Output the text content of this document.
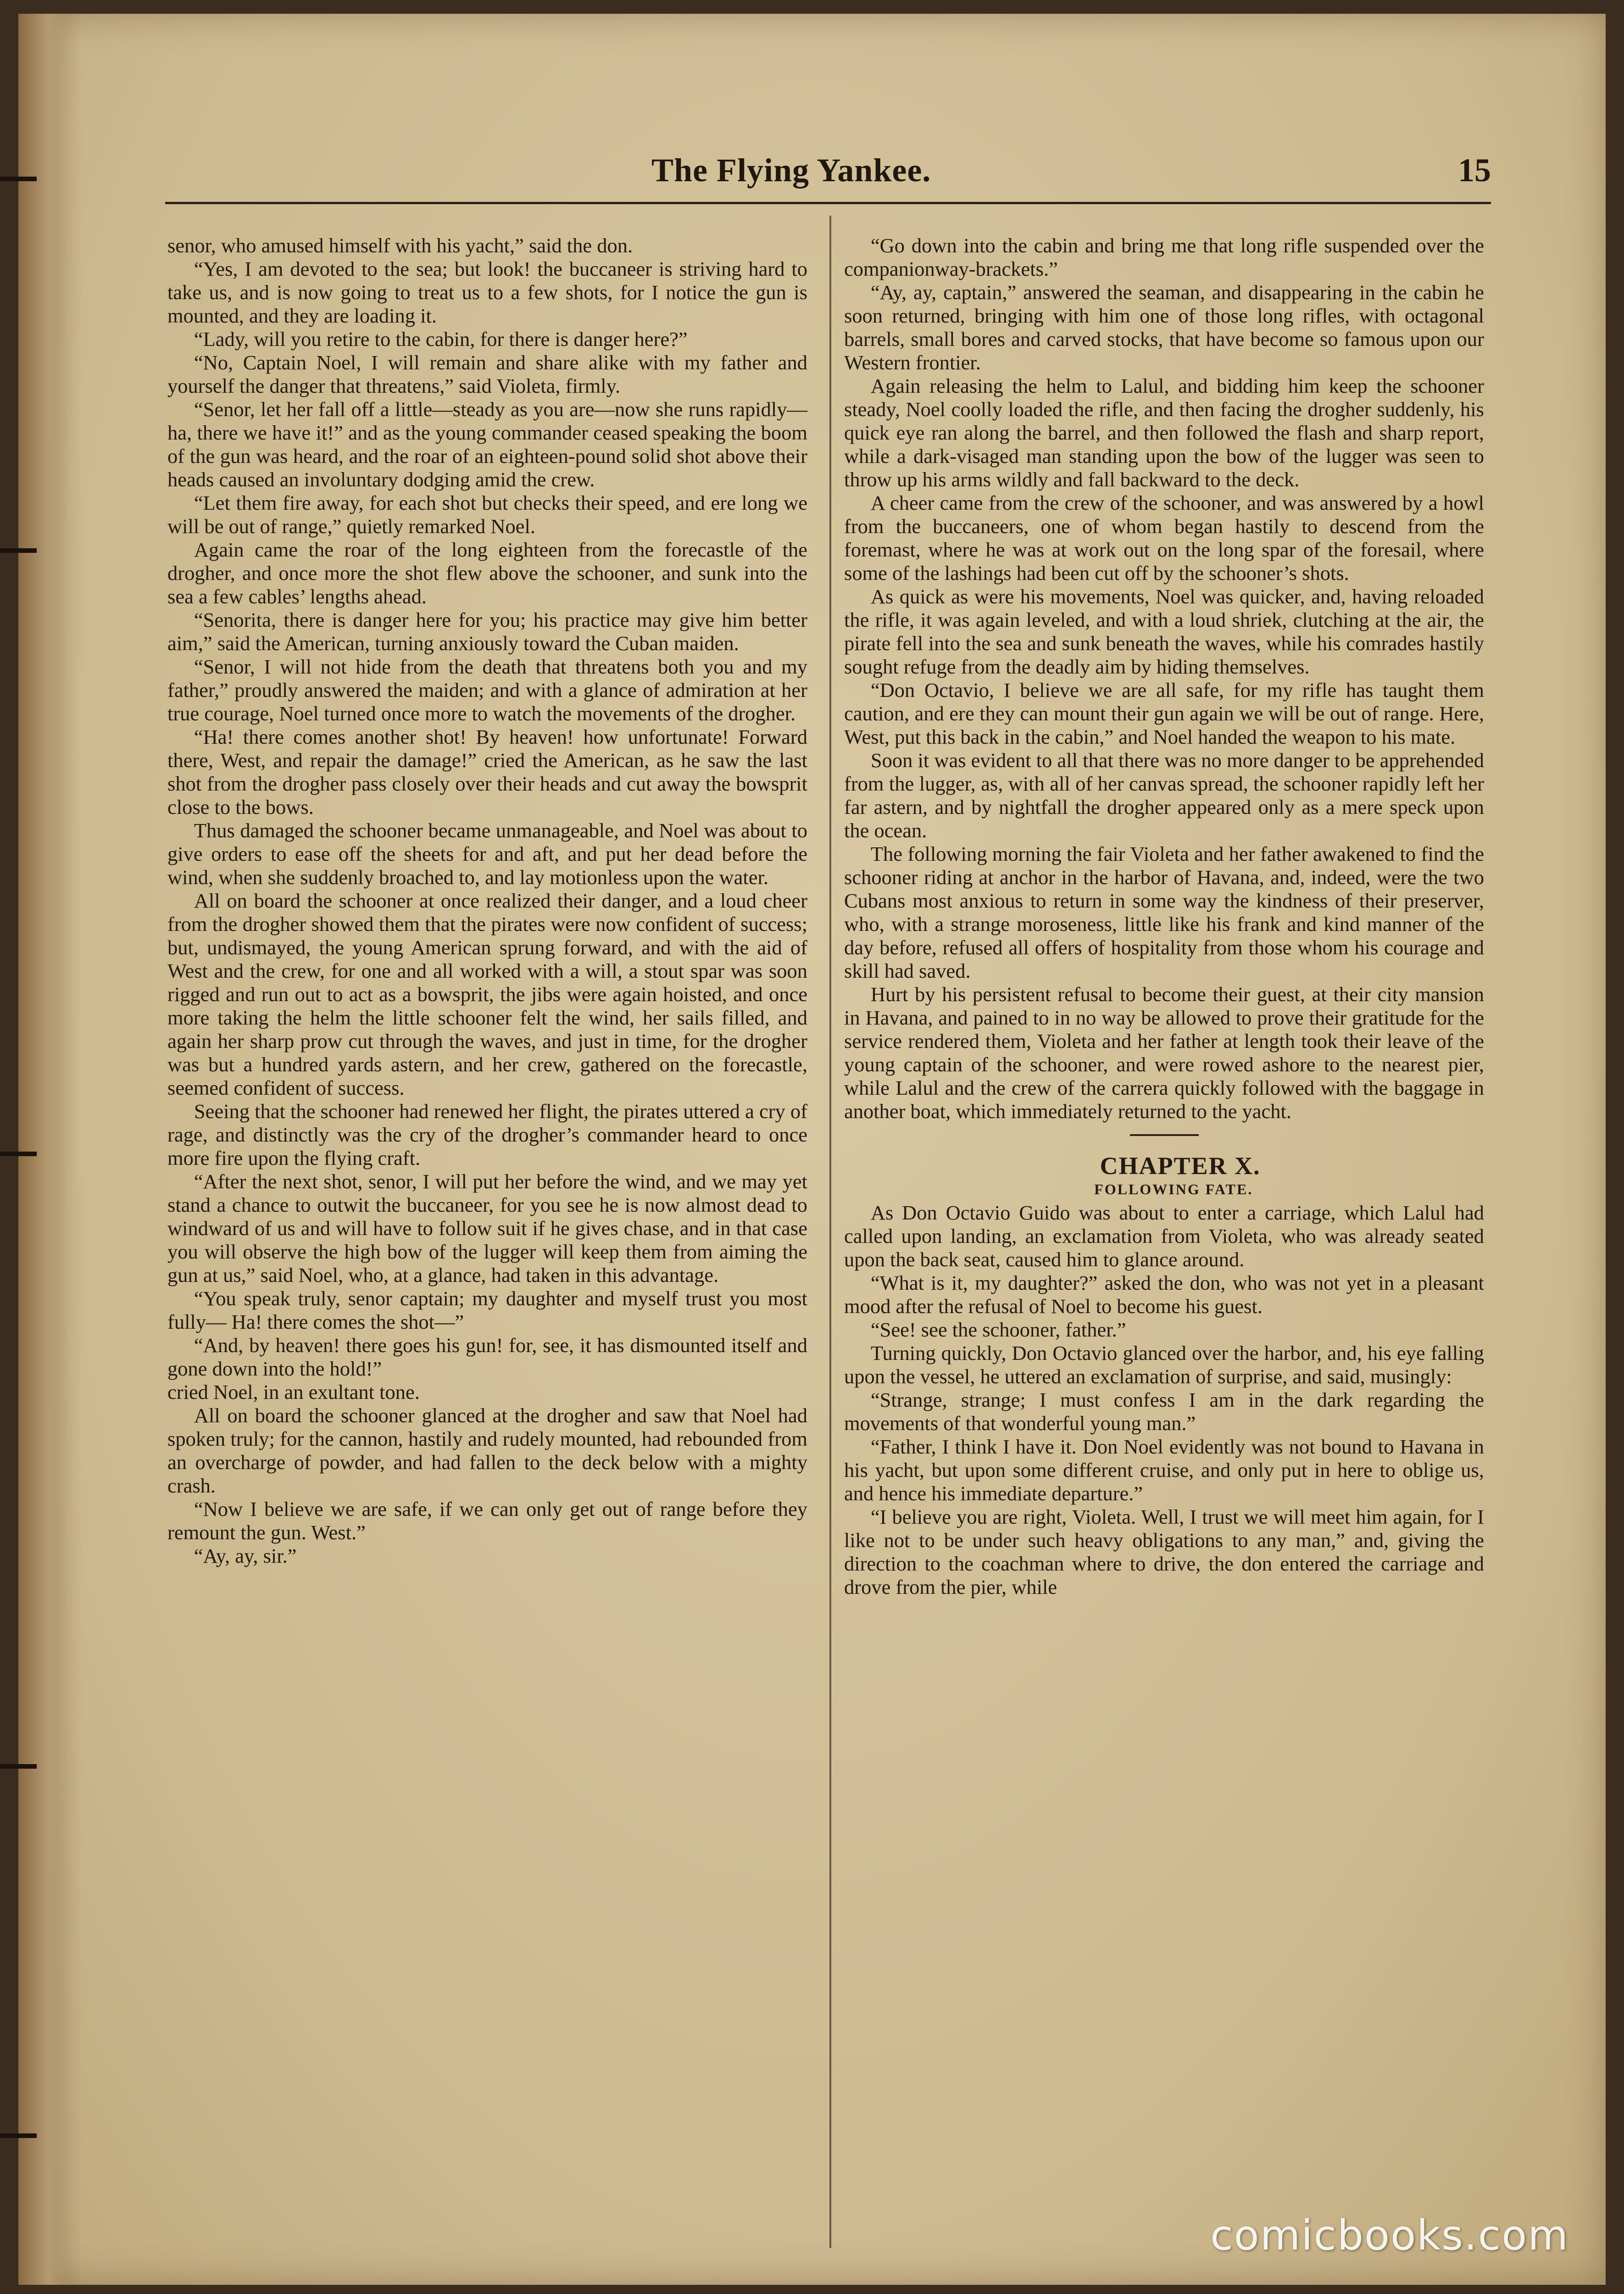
The Flying Yankee.	15

senor, who amused himself with his yacht,” said the don.

“Yes, I am devoted to the sea; but look! the buccaneer is striving hard to take us, and is now going to treat us to a few shots, for I notice the gun is mounted, and they are loading it.

“Lady, will you retire to the cabin, for there is danger here?”

“No, Captain Noel, I will remain and share alike with my father and yourself the danger that threatens,” said Violeta, firmly.

“Senor, let her fall off a little—steady as you are—now she runs rapidly—ha, there we have it!” and as the young commander ceased speaking the boom of the gun was heard, and the roar of an eighteen-pound solid shot above their heads caused an involuntary dodging amid the crew.

“Let them fire away, for each shot but checks their speed, and ere long we will be out of range,” quietly remarked Noel.

Again came the roar of the long eighteen from the forecastle of the drogher, and once more the shot flew above the schooner, and sunk into the sea a few cables’ lengths ahead.

“Senorita, there is danger here for you; his practice may give him better aim,” said the American, turning anxiously toward the Cuban maiden.

“Senor, I will not hide from the death that threatens both you and my father,” proudly answered the maiden; and with a glance of admiration at her true courage, Noel turned once more to watch the movements of the drogher.

“Ha! there comes another shot! By heaven! how unfortunate! Forward there, West, and repair the damage!” cried the American, as he saw the last shot from the drogher pass closely over their heads and cut away the bowsprit close to the bows.

Thus damaged the schooner became unmanageable, and Noel was about to give orders to ease off the sheets for and aft, and put her dead before the wind, when she suddenly broached to, and lay motionless upon the water.

All on board the schooner at once realized their danger, and a loud cheer from the drogher showed them that the pirates were now confident of success; but, undismayed, the young American sprung forward, and with the aid of West and the crew, for one and all worked with a will, a stout spar was soon rigged and run out to act as a bowsprit, the jibs were again hoisted, and once more taking the helm the little schooner felt the wind, her sails filled, and again her sharp prow cut through the waves, and just in time, for the drogher was but a hundred yards astern, and her crew, gathered on the forecastle, seemed confident of success.

Seeing that the schooner had renewed her flight, the pirates uttered a cry of rage, and distinctly was the cry of the drogher’s commander heard to once more fire upon the flying craft.

“After the next shot, senor, I will put her before the wind, and we may yet stand a chance to outwit the buccaneer, for you see he is now almost dead to windward of us and will have to follow suit if he gives chase, and in that case you will observe the high bow of the lugger will keep them from aiming the gun at us,” said Noel, who, at a glance, had taken in this advantage.

“You speak truly, senor captain; my daughter and myself trust you most fully— Ha! there comes the shot—”

“And, by heaven! there goes his gun! for, see, it has dismounted itself and gone down into the hold!”

cried Noel, in an exultant tone.

All on board the schooner glanced at the drogher and saw that Noel had spoken truly; for the cannon, hastily and rudely mounted, had rebounded from an overcharge of powder, and had fallen to the deck below with a mighty crash.

“Now I believe we are safe, if we can only get out of range before they remount the gun. West.”

“Ay, ay, sir.”

“Go down into the cabin and bring me that long rifle suspended over the companionway-brackets.”

“Ay, ay, captain,” answered the seaman, and disappearing in the cabin he soon returned, bringing with him one of those long rifles, with octagonal barrels, small bores and carved stocks, that have become so famous upon our Western frontier.

Again releasing the helm to Lalul, and bidding him keep the schooner steady, Noel coolly loaded the rifle, and then facing the drogher suddenly, his quick eye ran along the barrel, and then followed the flash and sharp report, while a dark-visaged man standing upon the bow of the lugger was seen to throw up his arms wildly and fall backward to the deck.

A cheer came from the crew of the schooner, and was answered by a howl from the buccaneers, one of whom began hastily to descend from the foremast, where he was at work out on the long spar of the foresail, where some of the lashings had been cut off by the schooner’s shots.

As quick as were his movements, Noel was quicker, and, having reloaded the rifle, it was again leveled, and with a loud shriek, clutching at the air, the pirate fell into the sea and sunk beneath the waves, while his comrades hastily sought refuge from the deadly aim by hiding themselves.

“Don Octavio, I believe we are all safe, for my rifle has taught them caution, and ere they can mount their gun again we will be out of range. Here, West, put this back in the cabin,” and Noel handed the weapon to his mate.

Soon it was evident to all that there was no more danger to be apprehended from the lugger, as, with all of her canvas spread, the schooner rapidly left her far astern, and by nightfall the drogher appeared only as a mere speck upon the ocean.

The following morning the fair Violeta and her father awakened to find the schooner riding at anchor in the harbor of Havana, and, indeed, were the two Cubans most anxious to return in some way the kindness of their preserver, who, with a strange moroseness, little like his frank and kind manner of the day before, refused all offers of hospitality from those whom his courage and skill had saved.

Hurt by his persistent refusal to become their guest, at their city mansion in Havana, and pained to in no way be allowed to prove their gratitude for the service rendered them, Violeta and her father at length took their leave of the young captain of the schooner, and were rowed ashore to the nearest pier, while Lalul and the crew of the carrera quickly followed with the baggage in another boat, which immediately returned to the yacht.

CHAPTER X.

FOLLOWING FATE.

As Don Octavio Guido was about to enter a carriage, which Lalul had called upon landing, an exclamation from Violeta, who was already seated upon the back seat, caused him to glance around.

“What is it, my daughter?” asked the don, who was not yet in a pleasant mood after the refusal of Noel to become his guest.

“See! see the schooner, father.”

Turning quickly, Don Octavio glanced over the harbor, and, his eye falling upon the vessel, he uttered an exclamation of surprise, and said, musingly:

“Strange, strange; I must confess I am in the dark regarding the movements of that wonderful young man.”

“Father, I think I have it. Don Noel evidently was not bound to Havana in his yacht, but upon some different cruise, and only put in here to oblige us, and hence his immediate departure.”

“I believe you are right, Violeta. Well, I trust we will meet him again, for I like not to be under such heavy obligations to any man,” and, giving the direction to the coachman where to drive, the don entered the carriage and drove from the pier, while

comicbooks.com
